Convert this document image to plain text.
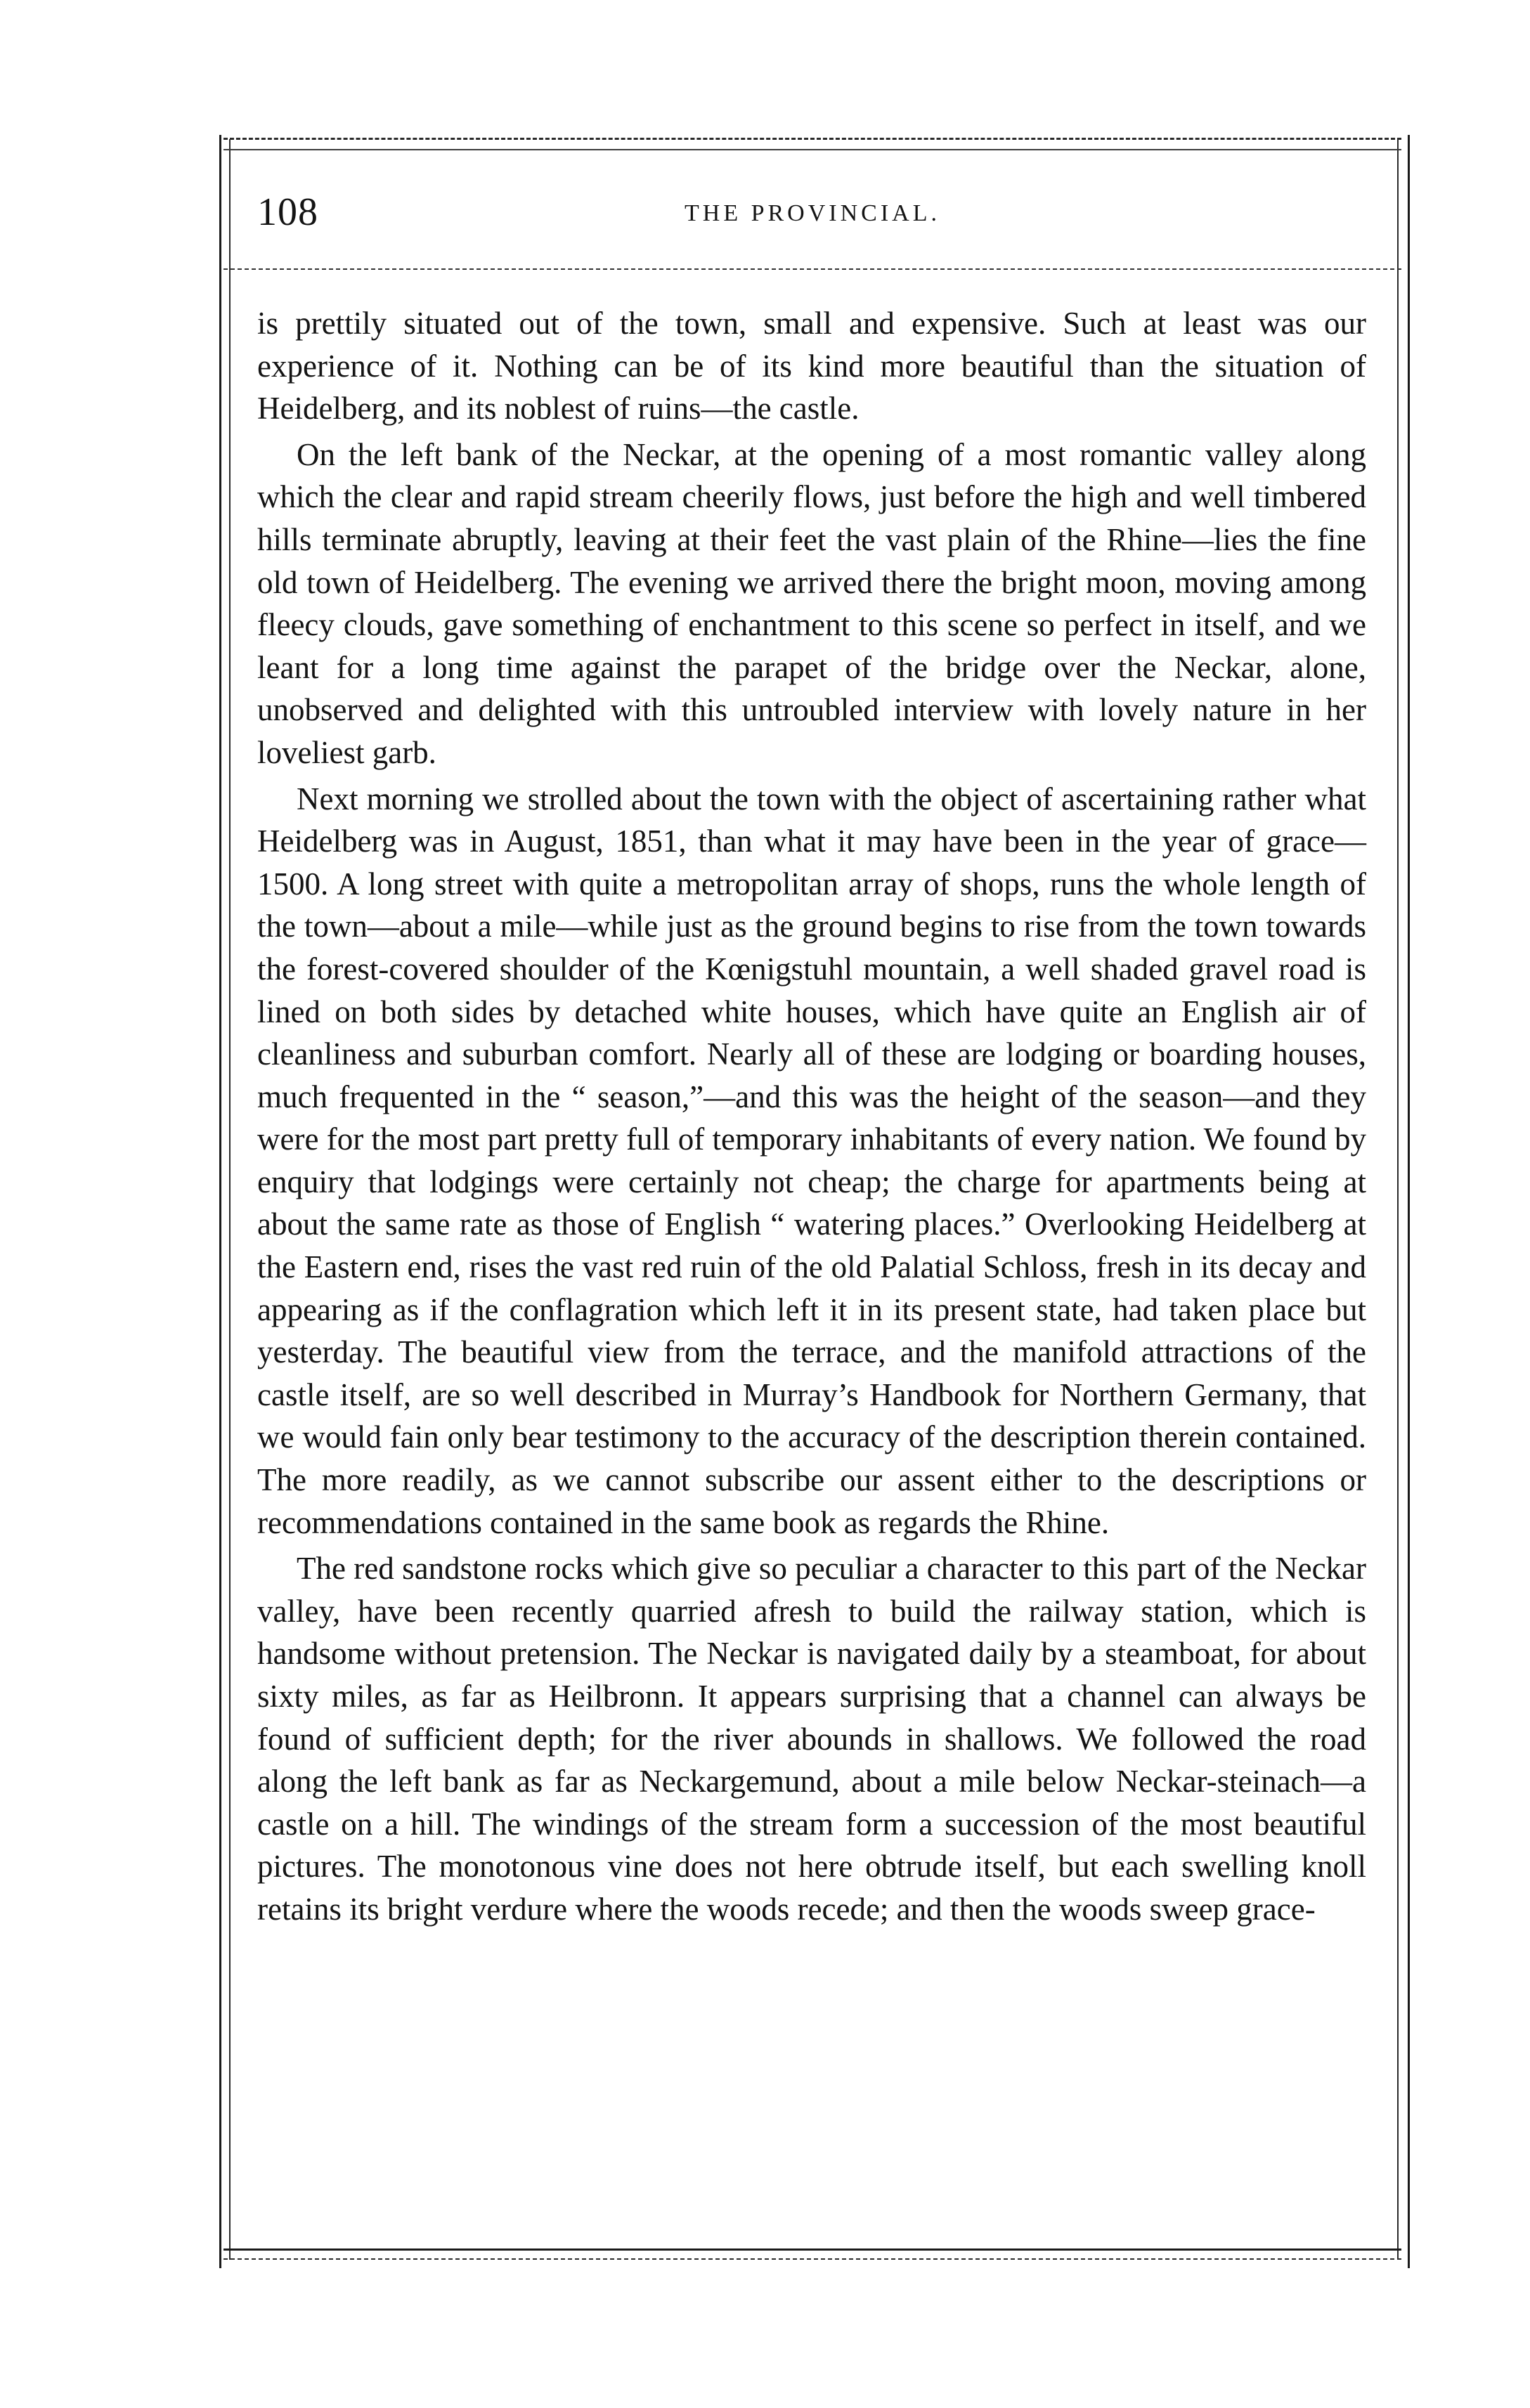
108	THE PROVINCIAL.

is prettily situated out of the town, small and expensive. Such at least was our experience of it. Nothing can be of its kind more beautiful than the situation of Heidelberg, and its noblest of ruins—the castle.

On the left bank of the Neckar, at the opening of a most romantic valley along which the clear and rapid stream cheerily flows, just before the high and well timbered hills terminate abruptly, leaving at their feet the vast plain of the Rhine—lies the fine old town of Heidelberg. The evening we arrived there the bright moon, moving among fleecy clouds, gave something of enchantment to this scene so perfect in itself, and we leant for a long time against the parapet of the bridge over the Neckar, alone, unobserved and delighted with this untroubled interview with lovely nature in her loveliest garb.

Next morning we strolled about the town with the object of ascertaining rather what Heidelberg was in August, 1851, than what it may have been in the year of grace—1500. A long street with quite a metropolitan array of shops, runs the whole length of the town—about a mile—while just as the ground begins to rise from the town towards the forest-covered shoulder of the Kœnigstuhl mountain, a well shaded gravel road is lined on both sides by detached white houses, which have quite an English air of cleanliness and suburban comfort. Nearly all of these are lodging or boarding houses, much frequented in the “ season,”—and this was the height of the season—and they were for the most part pretty full of temporary inhabitants of every nation. We found by enquiry that lodgings were certainly not cheap; the charge for apartments being at about the same rate as those of English “ watering places.” Overlooking Heidelberg at the Eastern end, rises the vast red ruin of the old Palatial Schloss, fresh in its decay and appearing as if the conflagration which left it in its present state, had taken place but yesterday. The beautiful view from the terrace, and the manifold attractions of the castle itself, are so well described in Murray’s Handbook for Northern Germany, that we would fain only bear testimony to the accuracy of the description therein contained. The more readily, as we cannot subscribe our assent either to the descriptions or recommendations contained in the same book as regards the Rhine.

The red sandstone rocks which give so peculiar a character to this part of the Neckar valley, have been recently quarried afresh to build the railway station, which is handsome without pretension. The Neckar is navigated daily by a steamboat, for about sixty miles, as far as Heilbronn. It appears surprising that a channel can always be found of sufficient depth; for the river abounds in shallows. We followed the road along the left bank as far as Neckargemund, about a mile below Neckar-steinach—a castle on a hill. The windings of the stream form a succession of the most beautiful pictures. The monotonous vine does not here obtrude itself, but each swelling knoll retains its bright verdure where the woods recede; and then the woods sweep grace-
